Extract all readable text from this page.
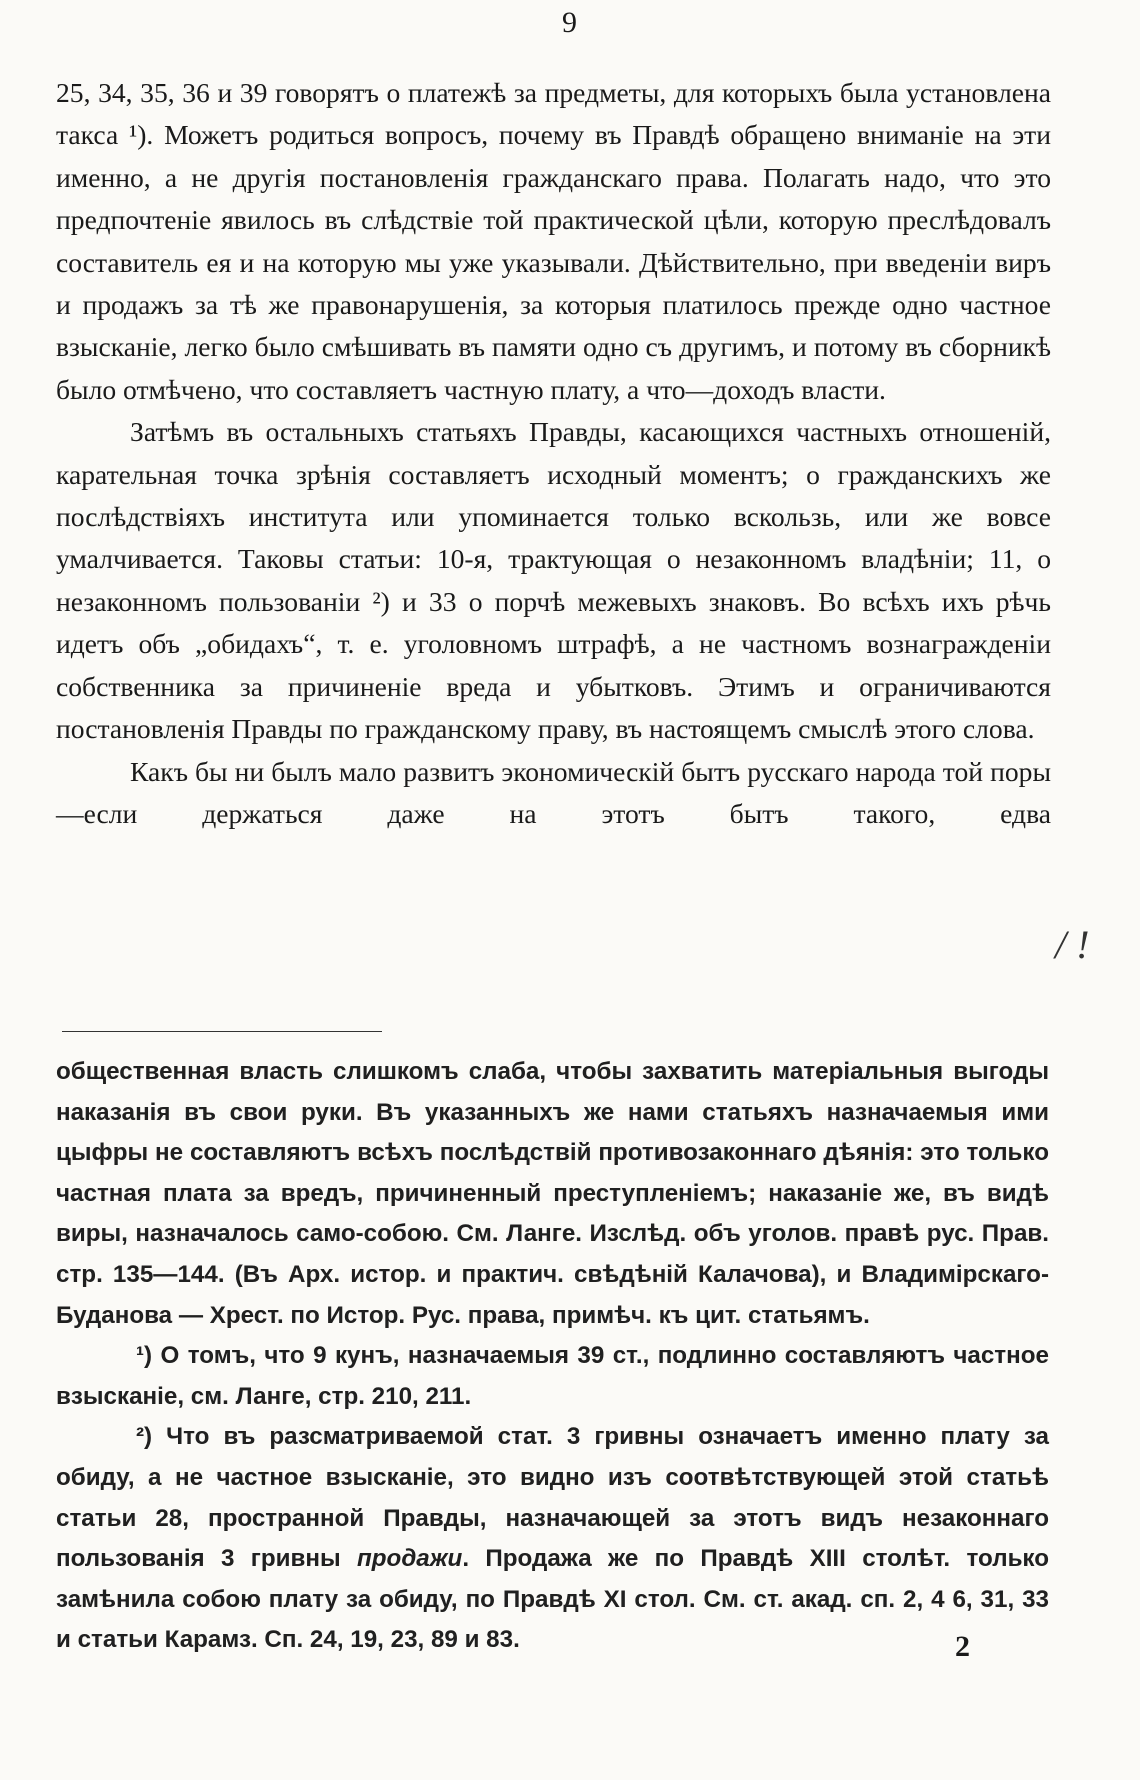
9

25, 34, 35, 36 и 39 говорятъ о платежѣ за предметы, для которыхъ была установлена такса ¹). Можетъ родиться вопросъ, почему въ Правдѣ обращено вниманіе на эти именно, а не другія постановленія гражданскаго права. Полагать надо, что это предпочтеніе явилось въ слѣдствіе той практической цѣли, которую преслѣдовалъ составитель ея и на которую мы уже указывали. Дѣйствительно, при введеніи виръ и продажъ за тѣ же правонарушенія, за которыя платилось прежде одно частное взысканіе, легко было смѣшивать въ памяти одно съ другимъ, и потому въ сборникѣ было отмѣчено, что составляетъ частную плату, а что—доходъ власти.

Затѣмъ въ остальныхъ статьяхъ Правды, касающихся частныхъ отношеній, карательная точка зрѣнія составляетъ исходный моментъ; о гражданскихъ же послѣдствіяхъ института или упоминается только вскользь, или же вовсе умалчивается. Таковы статьи: 10-я, трактующая о незаконномъ владѣніи; 11, о незаконномъ пользованіи ²) и 33 о порчѣ межевыхъ знаковъ. Во всѣхъ ихъ рѣчь идетъ объ „обидахъ“, т. е. уголовномъ штрафѣ, а не частномъ вознагражденіи собственника за причиненіе вреда и убытковъ. Этимъ и ограничиваются постановленія Правды по гражданскому праву, въ настоящемъ смыслѣ этого слова.

Какъ бы ни былъ мало развитъ экономическій бытъ русскаго народа той поры—если держаться даже на этотъ бытъ такого, едва

/ !

общественная власть слишкомъ слаба, чтобы захватить матеріальныя выгоды наказанія въ свои руки. Въ указанныхъ же нами статьяхъ назначаемыя ими цыфры не составляютъ всѣхъ послѣдствій противозаконнаго дѣянія: это только частная плата за вредъ, причиненный преступленіемъ; наказаніе же, въ видѣ виры, назначалось само-собою. См. Ланге. Изслѣд. объ уголов. правѣ рус. Прав. стр. 135—144. (Въ Арх. истор. и практич. свѣдѣній Калачова), и Владимірскаго-Буданова — Хрест. по Истор. Рус. права, примѣч. къ цит. статьямъ.

¹) О томъ, что 9 кунъ, назначаемыя 39 ст., подлинно составляютъ частное взысканіе, см. Ланге, стр. 210, 211.

²) Что въ разсматриваемой стат. 3 гривны означаетъ именно плату за обиду, а не частное взысканіе, это видно изъ соотвѣтствующей этой статьѣ статьи 28, пространной Правды, назначающей за этотъ видъ незаконнаго пользованія 3 гривны продажи. Продажа же по Правдѣ XIII столѣт. только замѣнила собою плату за обиду, по Правдѣ XI стол. См. ст. акад. сп. 2, 4 6, 31, 33 и статьи Карамз. Сп. 24, 19, 23, 89 и 83.	2
